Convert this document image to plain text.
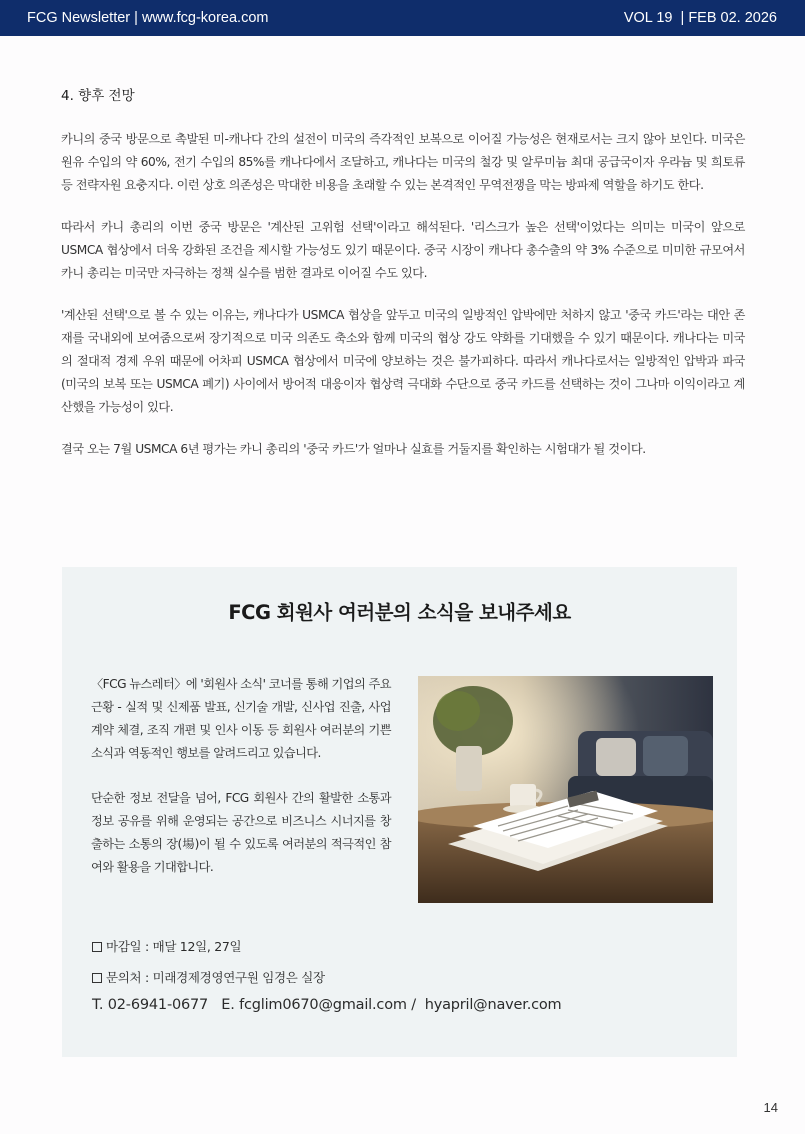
FCG Newsletter | www.fcg-korea.com	VOL 19  | FEB 02. 2026
4. 향후 전망

카니의 중국 방문으로 촉발된 미-캐나다 간의 설전이 미국의 즉각적인 보복으로 이어질 가능성은 현재로서는 크지 않아 보인다. 미국은 원유 수입의 약 60%, 전기 수입의 85%를 캐나다에서 조달하고, 캐나다는 미국의 철강 및 알루미늄 최대 공급국이자 우라늄 및 희토류 등 전략자원 요충지다. 이런 상호 의존성은 막대한 비용을 초래할 수 있는 본격적인 무역전쟁을 막는 방파제 역할을 하기도 한다.

따라서 카니 총리의 이번 중국 방문은 '계산된 고위험 선택'이라고 해석된다. '리스크가 높은 선택'이었다는 의미는 미국이 앞으로 USMCA 협상에서 더욱 강화된 조건을 제시할 가능성도 있기 때문이다. 중국 시장이 캐나다 총수출의 약 3% 수준으로 미미한 규모여서 카니 총리는 미국만 자극하는 정책 실수를 범한 결과로 이어질 수도 있다.

'계산된 선택'으로 볼 수 있는 이유는, 캐나다가 USMCA 협상을 앞두고 미국의 일방적인 압박에만 처하지 않고 '중국 카드'라는 대안 존재를 국내외에 보여줌으로써 장기적으로 미국 의존도 축소와 함께 미국의 협상 강도 약화를 기대했을 수 있기 때문이다. 캐나다는 미국의 절대적 경제 우위 때문에 어차피 USMCA 협상에서 미국에 양보하는 것은 불가피하다. 따라서 캐나다로서는 일방적인 압박과 파국 (미국의 보복 또는 USMCA 폐기) 사이에서 방어적 대응이자 협상력 극대화 수단으로 중국 카드를 선택하는 것이 그나마 이익이라고 계산했을 가능성이 있다.

결국 오는 7월 USMCA 6년 평가는 카니 총리의 '중국 카드'가 얼마나 실효를 거둘지를 확인하는 시험대가 될 것이다.

FCG 회원사 여러분의 소식을 보내주세요

〈FCG 뉴스레터〉에 '회원사 소식' 코너를 통해 기업의 주요 근황 - 실적 및 신제품 발표, 신기술 개발, 신사업 진출, 사업 계약 체결, 조직 개편 및 인사 이동 등 회원사 여러분의 기쁜 소식과 역동적인 행보를 알려드리고 있습니다.

단순한 정보 전달을 넘어, FCG 회원사 간의 활발한 소통과 정보 공유를 위해 운영되는 공간으로 비즈니스 시너지를 창출하는 소통의 장(場)이 될 수 있도록 여러분의 적극적인 참여와 활용을 기대합니다.

마감일 : 매달 12일, 27일
문의처 : 미래경제경영연구원 임경은 실장
T. 02-6941-0677   E. fcglim0670@gmail.com /  hyapril@naver.com
14
